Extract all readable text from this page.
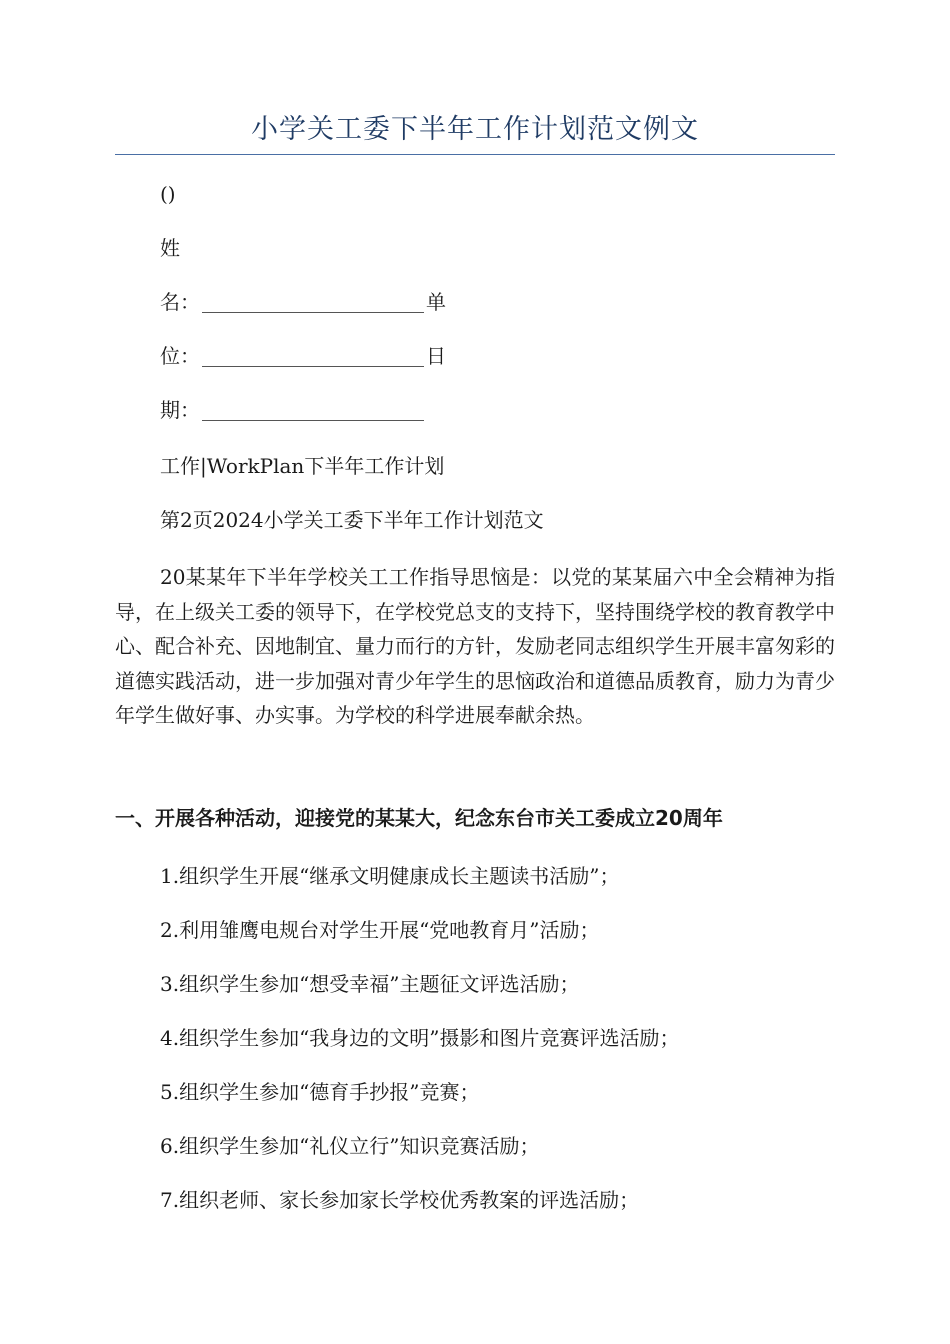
小学关工委下半年工作计划范文例文
()
姓
名：	单
位：	日
期：
工作|WorkPlan下半年工作计划
第2页2024小学关工委下半年工作计划范文
20某某年下半年学校关工工作指导思恼是：以党的某某届六中全会精神为指导，在上级关工委的领导下，在学校党总支的支持下，坚持围绕学校的教育教学中心、配合补充、因地制宜、量力而行的方针，发励老同志组织学生开展丰富匆彩的道德实践活动，进一步加强对青少年学生的思恼政治和道德品质教育，励力为青少年学生做好事、办实事。为学校的科学进展奉献余热。
一、开展各种活动，迎接党的某某大，纪念东台市关工委成立20周年
1.组织学生开展“继承文明健康成长主题读书活励”；
2.利用雏鹰电规台对学生开展“党吔教育月”活励；
3.组织学生参加“想受幸福”主题征文评选活励；
4.组织学生参加“我身边的文明”摄影和图片竞赛评选活励；
5.组织学生参加“德育手抄报”竞赛；
6.组织学生参加“礼仪立行”知识竞赛活励；
7.组织老师、家长参加家长学校优秀教案的评选活励；
